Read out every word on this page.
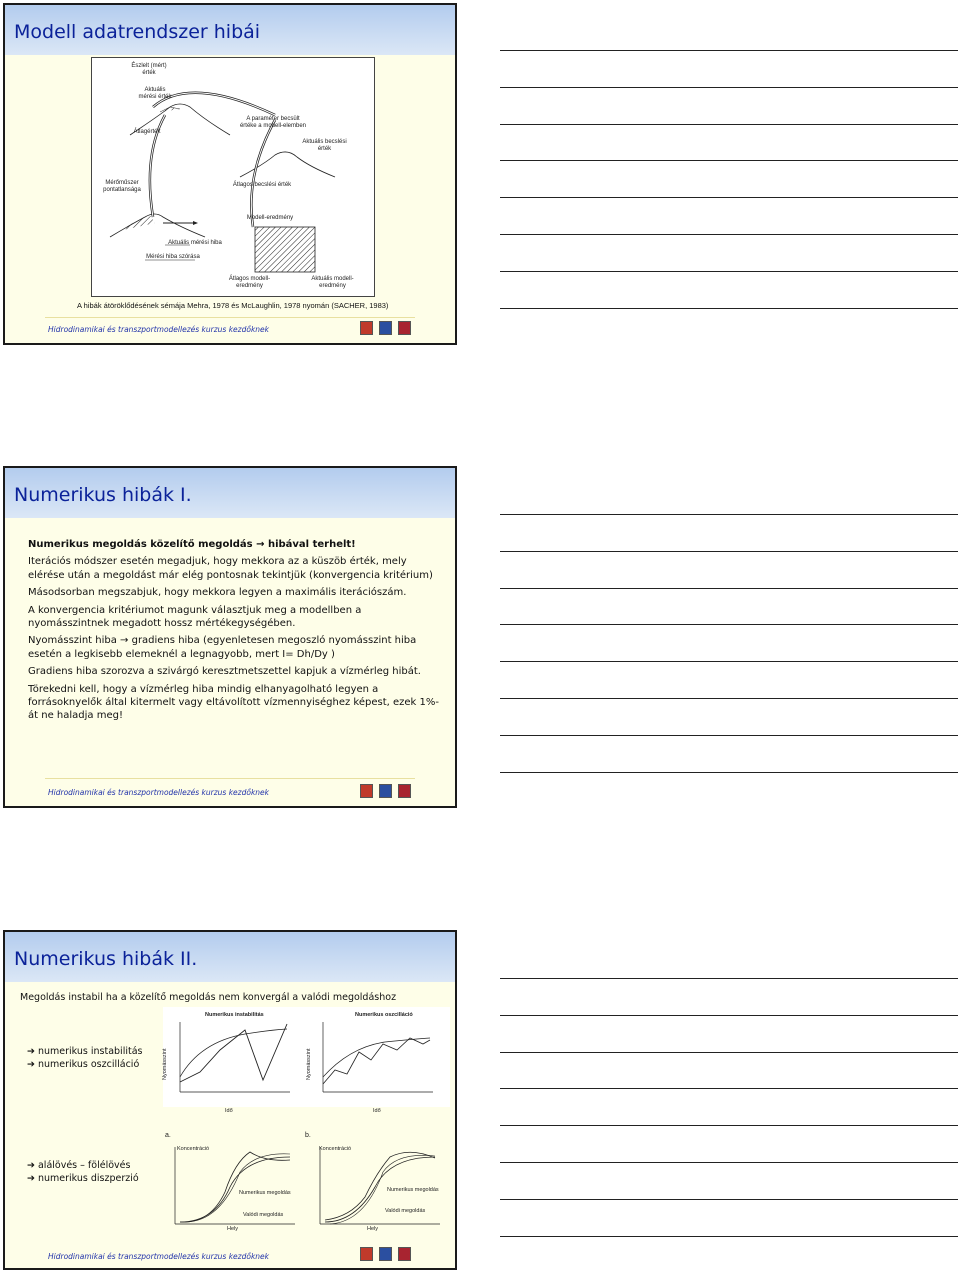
Modell adatrendszer hibái
Észlelt (mért) érték
Aktuális mérési érték
Átlagérték
A paraméter becsült értéke a modell-elemben
Aktuális becslési érték
Mérőműszer pontatlansága
Átlagos becslési érték
Modell-eredmény
Aktuális mérési hiba
Mérési hiba szórása
Átlagos modell-eredmény
Aktuális modell-eredmény
A hibák átöröklődésének sémája Mehra, 1978 és McLaughlin, 1978 nyomán (SACHER, 1983)
Hidrodinamikai és transzportmodellezés kurzus kezdőknek
Numerikus hibák I.

Numerikus megoldás közelítő megoldás → hibával terhelt!

Iterációs módszer esetén megadjuk, hogy mekkora az a küszöb érték, mely elérése után a megoldást már elég pontosnak tekintjük (konvergencia kritérium)

Másodsorban megszabjuk, hogy mekkora legyen a maximális iterációszám.

A konvergencia kritériumot magunk választjuk meg a modellben a nyomásszintnek megadott hossz mértékegységében.

Nyomásszint hiba → gradiens hiba (egyenletesen megoszló nyomásszint hiba esetén a legkisebb elemeknél a legnagyobb, mert I= Dh/Dy )

Gradiens hiba szorozva a szivárgó keresztmetszettel kapjuk a vízmérleg hibát.

Törekedni kell, hogy a vízmérleg hiba mindig elhanyagolható legyen a forrásoknyelők által kitermelt vagy eltávolított vízmennyiséghez képest, ezek 1%-át ne haladja meg!

Hidrodinamikai és transzportmodellezés kurzus kezdőknek
Numerikus hibák II.
Megoldás instabil ha a közelítő megoldás nem konvergál a valódi megoldáshoz
➔ numerikus instabilitás
➔ numerikus oszcilláció
➔ alálövés – fölélövés
➔ numerikus diszperzió
Numerikus instabilitás	Numerikus oszcilláció
Nyomásszint	Nyomásszint
Idő	Idő
a.	b.
Koncentráció	Koncentráció
Numerikus megoldás	Numerikus megoldás
Valódi megoldás
Valódi megoldás
Hely	Hely
Hidrodinamikai és transzportmodellezés kurzus kezdőknek
